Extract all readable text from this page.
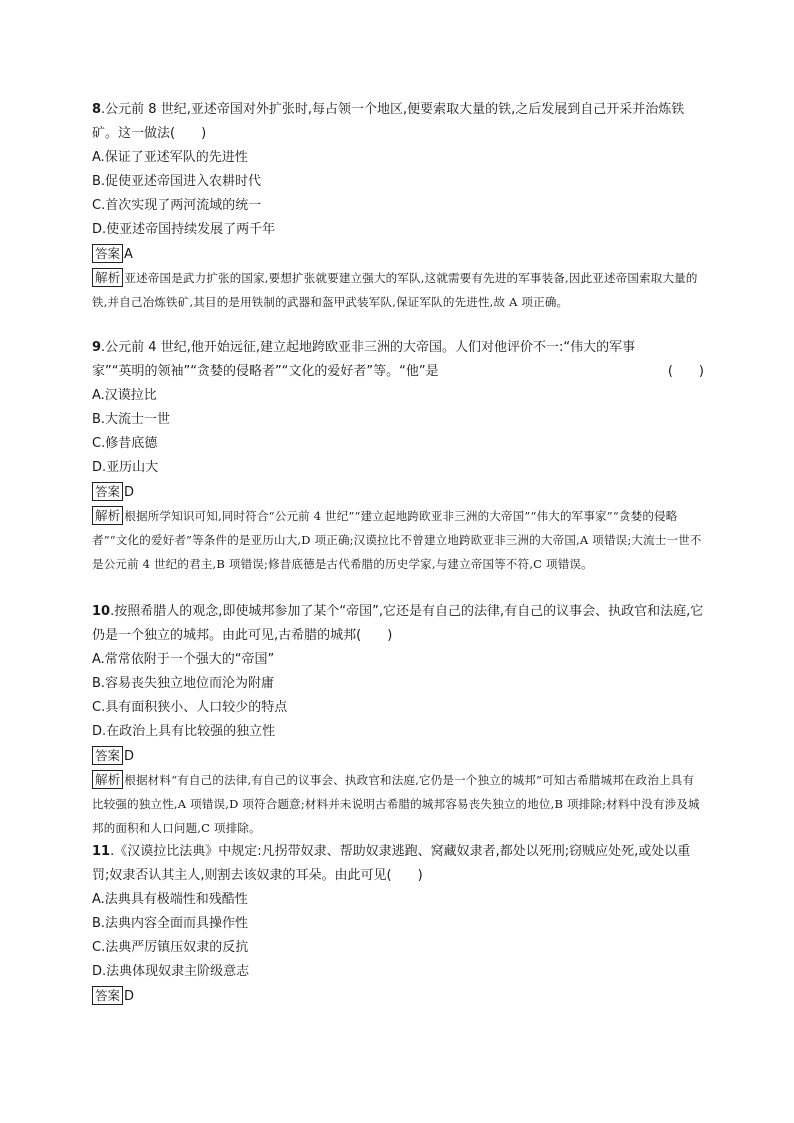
8.公元前 8 世纪,亚述帝国对外扩张时,每占领一个地区,便要索取大量的铁,之后发展到自己开采并治炼铁矿。这一做法(　　)

A.保证了亚述军队的先进性

B.促使亚述帝国进入农耕时代

C.首次实现了两河流域的统一

D.使亚述帝国持续发展了两千年

答案 A

解析 亚述帝国是武力扩张的国家,要想扩张就要建立强大的军队,这就需要有先进的军事装备,因此亚述帝国索取大量的铁,并自己冶炼铁矿,其目的是用铁制的武器和盔甲武装军队,保证军队的先进性,故 A 项正确。

9.公元前 4 世纪,他开始远征,建立起地跨欧亚非三洲的大帝国。人们对他评价不一:“伟大的军事

家”“英明的领袖”“贪婪的侵略者”“文化的爱好者”等。“他”是	(　　)

A.汉谟拉比

B.大流士一世

C.修昔底德

D.亚历山大

答案 D

解析 根据所学知识可知,同时符合“公元前 4 世纪”“建立起地跨欧亚非三洲的大帝国”“伟大的军事家”“贪婪的侵略者”“文化的爱好者”等条件的是亚历山大,D 项正确;汉谟拉比不曾建立地跨欧亚非三洲的大帝国,A 项错误;大流士一世不是公元前 4 世纪的君主,B 项错误;修昔底德是古代希腊的历史学家,与建立帝国等不符,C 项错误。

10.按照希腊人的观念,即使城邦参加了某个“帝国”,它还是有自己的法律,有自己的议事会、执政官和法庭,它仍是一个独立的城邦。由此可见,古希腊的城邦(　　)

A.常常依附于一个强大的“帝国”

B.容易丧失独立地位而沦为附庸

C.具有面积狭小、人口较少的特点

D.在政治上具有比较强的独立性

答案 D

解析 根据材料“有自己的法律,有自己的议事会、执政官和法庭,它仍是一个独立的城邦”可知古希腊城邦在政治上具有比较强的独立性,A 项错误,D 项符合题意;材料并未说明古希腊的城邦容易丧失独立的地位,B 项排除;材料中没有涉及城邦的面积和人口问题,C 项排除。

11.《汉谟拉比法典》中规定:凡拐带奴隶、帮助奴隶逃跑、窝藏奴隶者,都处以死刑;窃贼应处死,或处以重罚;奴隶否认其主人,则割去该奴隶的耳朵。由此可见(　　)

A.法典具有极端性和残酷性

B.法典内容全面而具操作性

C.法典严厉镇压奴隶的反抗

D.法典体现奴隶主阶级意志

答案 D
